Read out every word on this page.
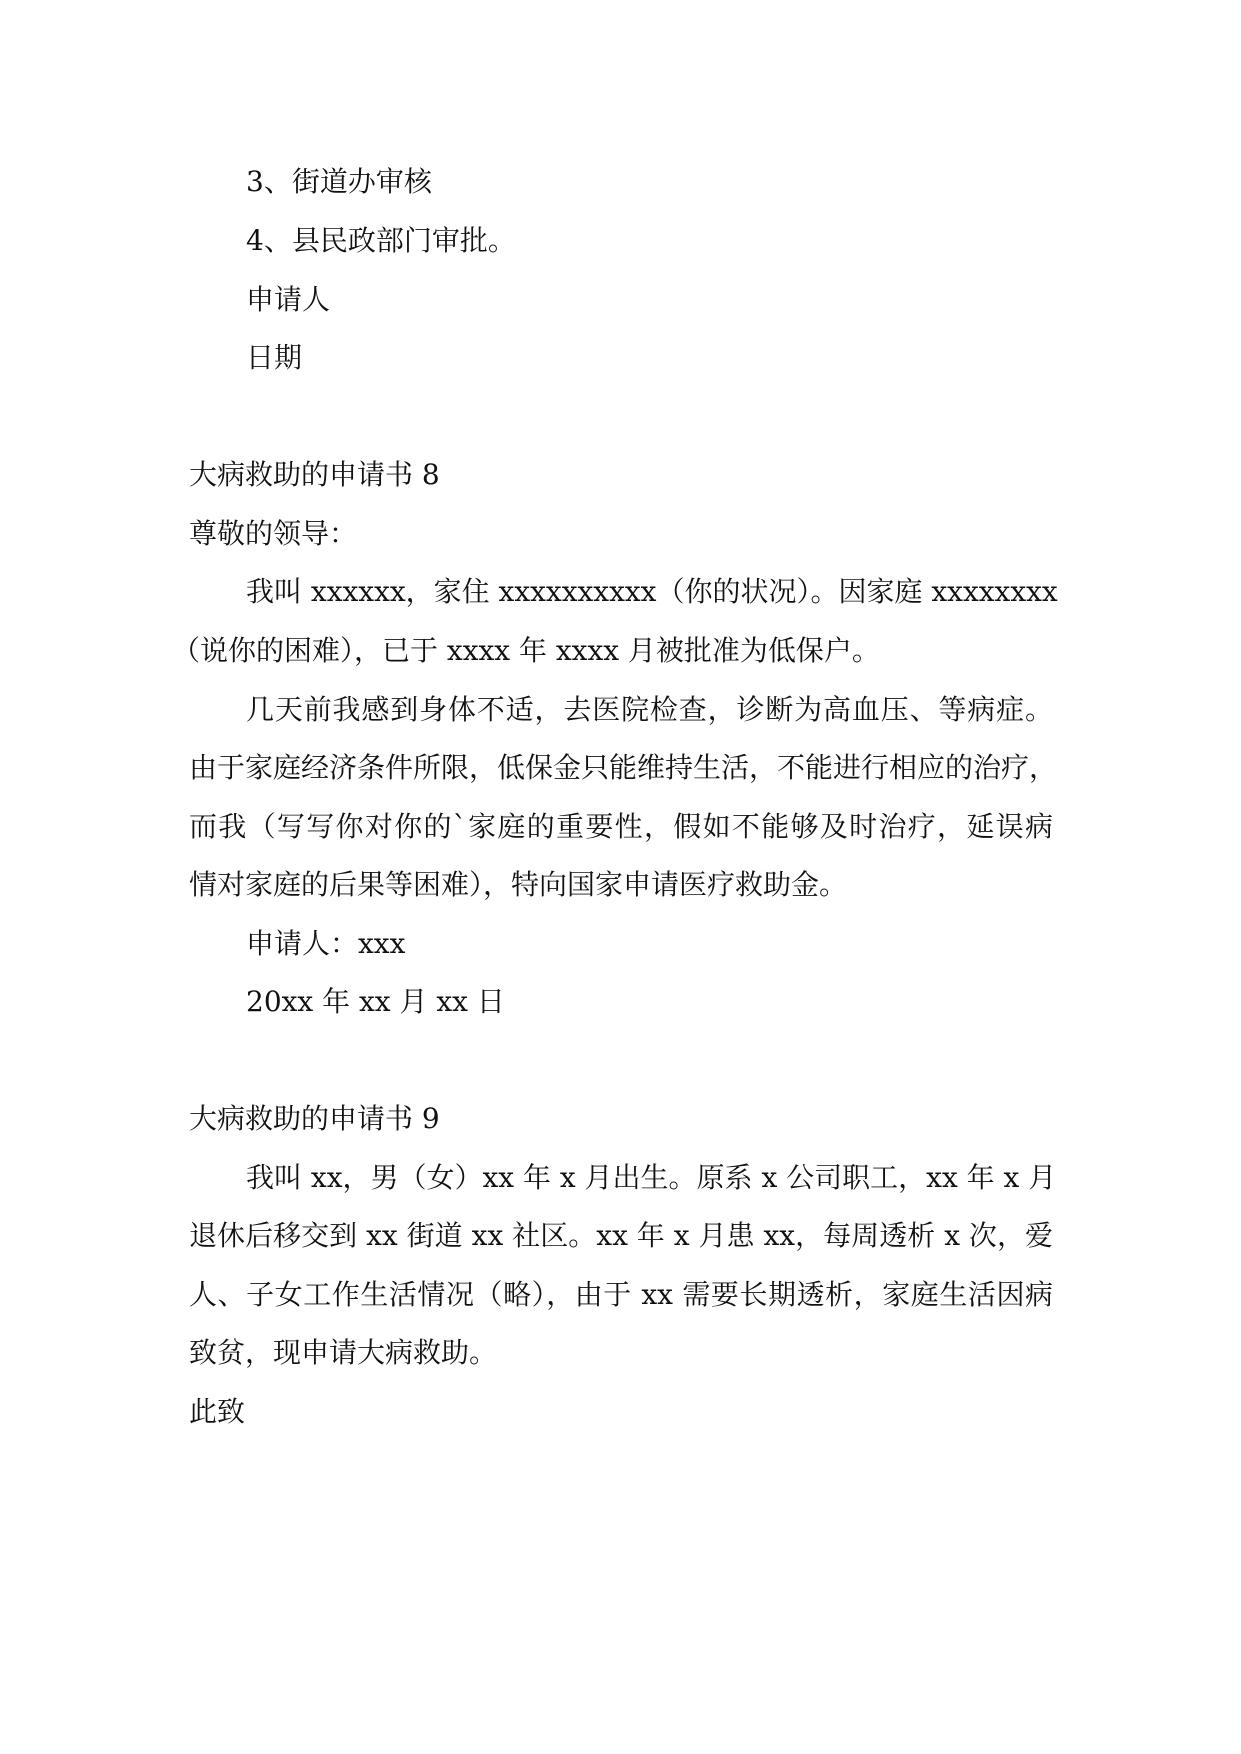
3、街道办审核
4、县民政部门审批。
申请人
日期
大病救助的申请书 8
尊敬的领导：
我叫 xxxxxx，家住 xxxxxxxxxx（你的状况）。因家庭 xxxxxxxx
（说你的困难），已于 xxxx 年 xxxx 月被批准为低保户。
几天前我感到身体不适，去医院检查，诊断为高血压、等病症。
由于家庭经济条件所限，低保金只能维持生活，不能进行相应的治疗，
而我（写写你对你的`家庭的重要性，假如不能够及时治疗，延误病
情对家庭的后果等困难），特向国家申请医疗救助金。
申请人：xxx
20xx 年 xx 月 xx 日
大病救助的申请书 9
我叫 xx，男（女）xx 年 x 月出生。原系 x 公司职工，xx 年 x 月
退休后移交到 xx 街道 xx 社区。xx 年 x 月患 xx，每周透析 x 次，爱
人、子女工作生活情况（略），由于 xx 需要长期透析，家庭生活因病
致贫，现申请大病救助。
此致
